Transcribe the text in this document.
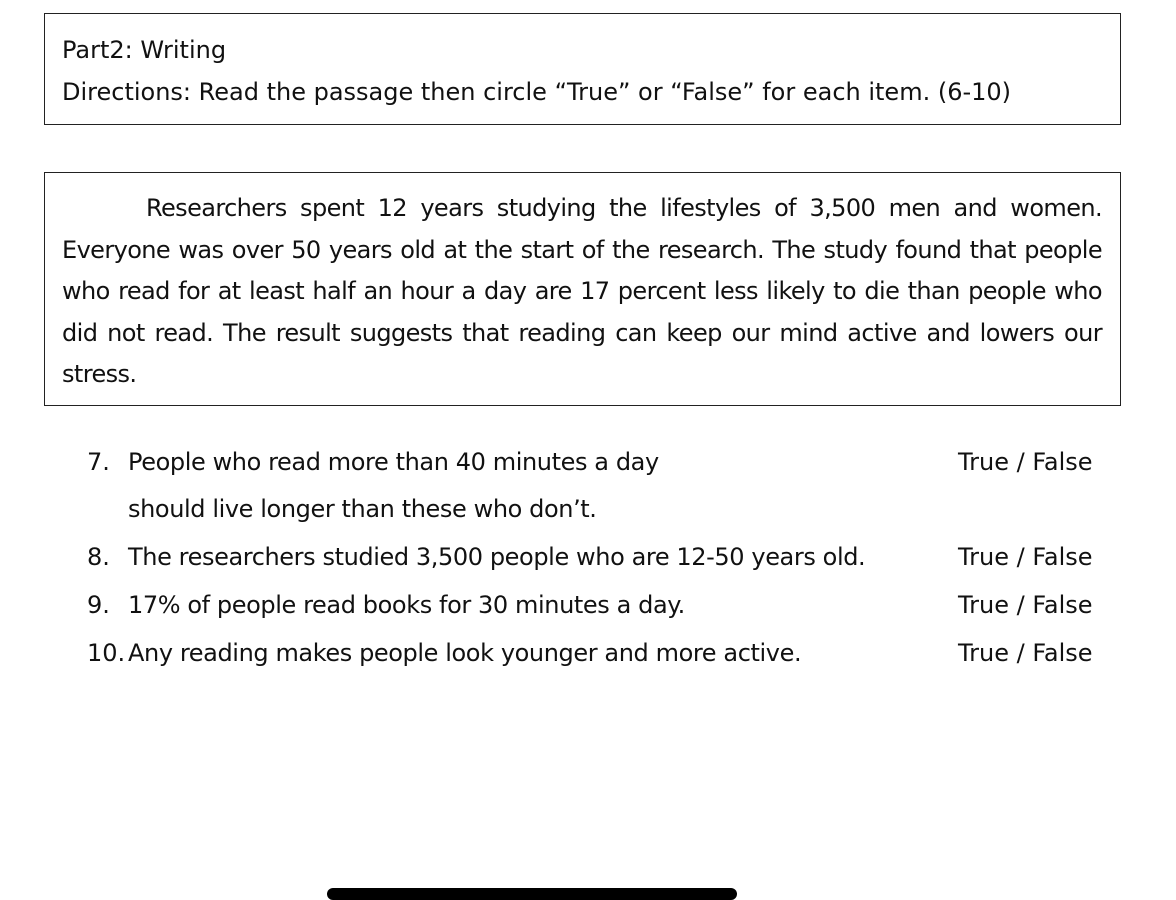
Part2: Writing
Directions: Read the passage then circle “True” or “False” for each item. (6-10)

Researchers spent 12 years studying the lifestyles of 3,500 men and women. Everyone was over 50 years old at the start of the research. The study found that people who read for at least half an hour a day are 17 percent less likely to die than people who did not read. The result suggests that reading can keep our mind active and lowers our stress.

7. People who read more than 40 minutes a day	True / False
should live longer than these who don’t.
8. The researchers studied 3,500 people who are 12-50 years old.	True / False
9. 17% of people read books for 30 minutes a day.	True / False
10. Any reading makes people look younger and more active.	True / False
